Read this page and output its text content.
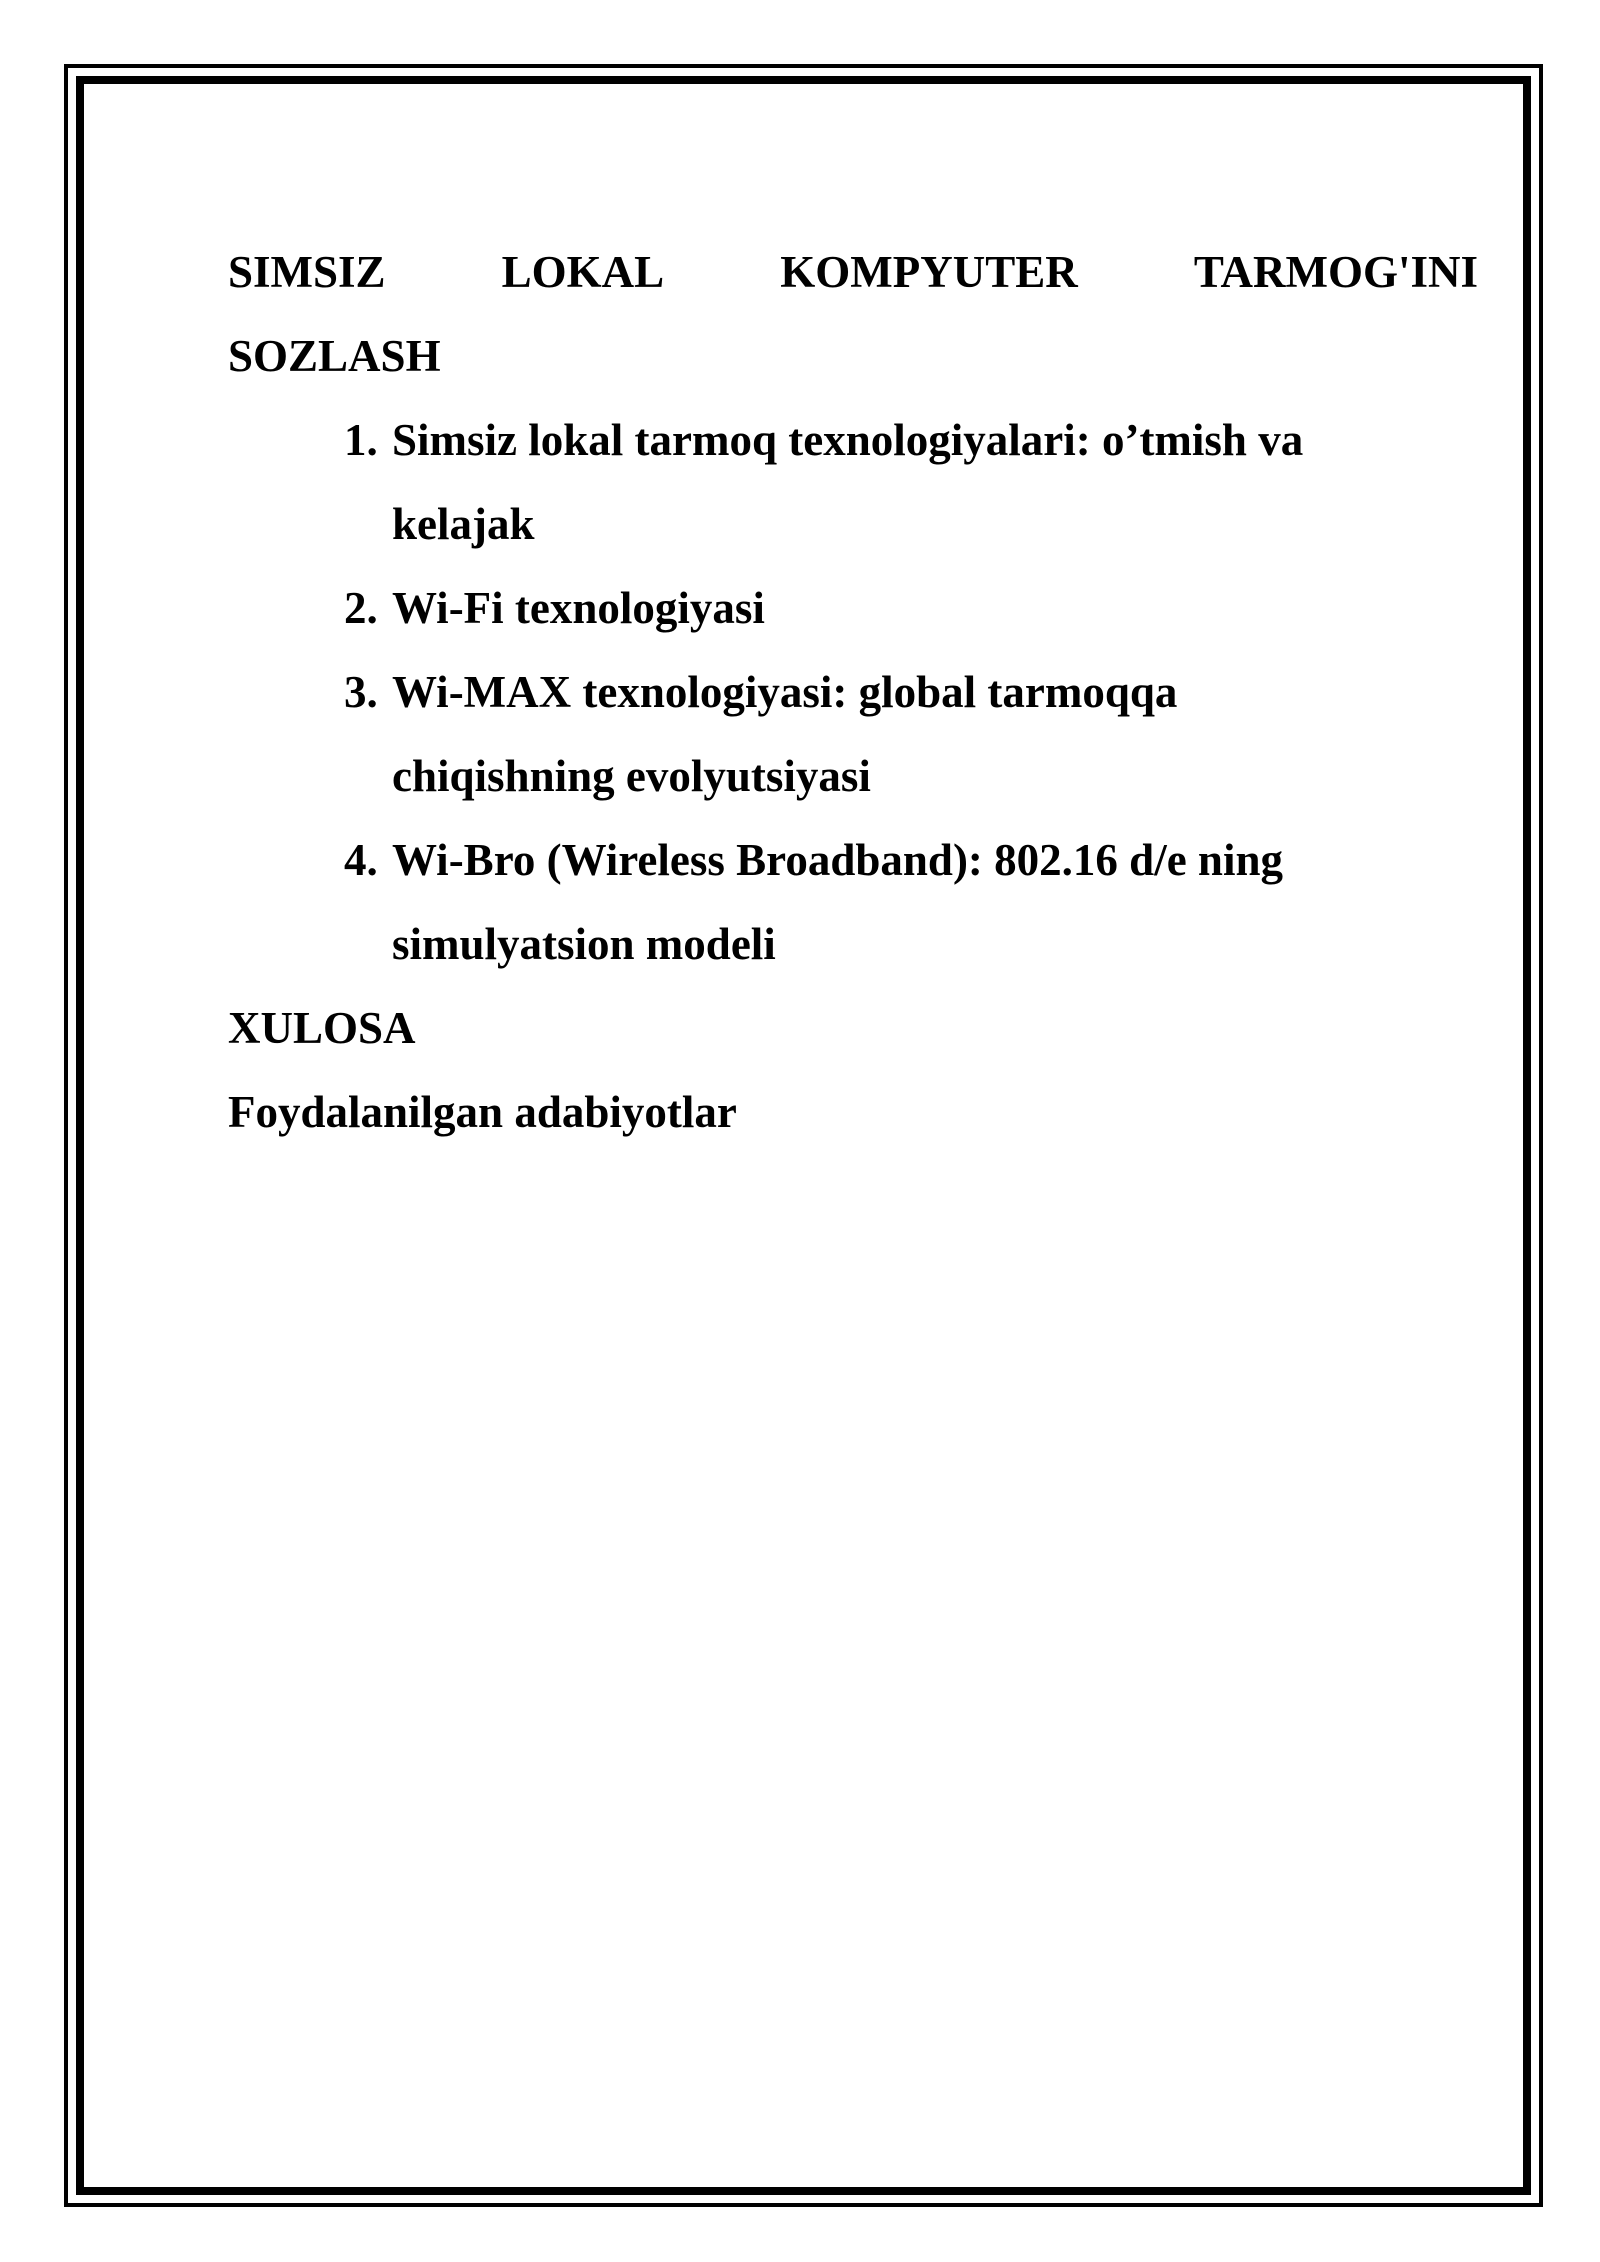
SIMSIZ	LOKAL	KOMPYUTER	TARMOG'INI
SOZLASH
1. Simsiz lokal tarmoq texnologiyalari: o’tmish va kelajak
2. Wi-Fi texnologiyasi
3. Wi-MAX texnologiyasi: global tarmoqqa chiqishning evolyutsiyasi
4. Wi-Bro (Wireless Broadband): 802.16 d/e ning simulyatsion modeli

XULOSA

Foydalanilgan adabiyotlar
